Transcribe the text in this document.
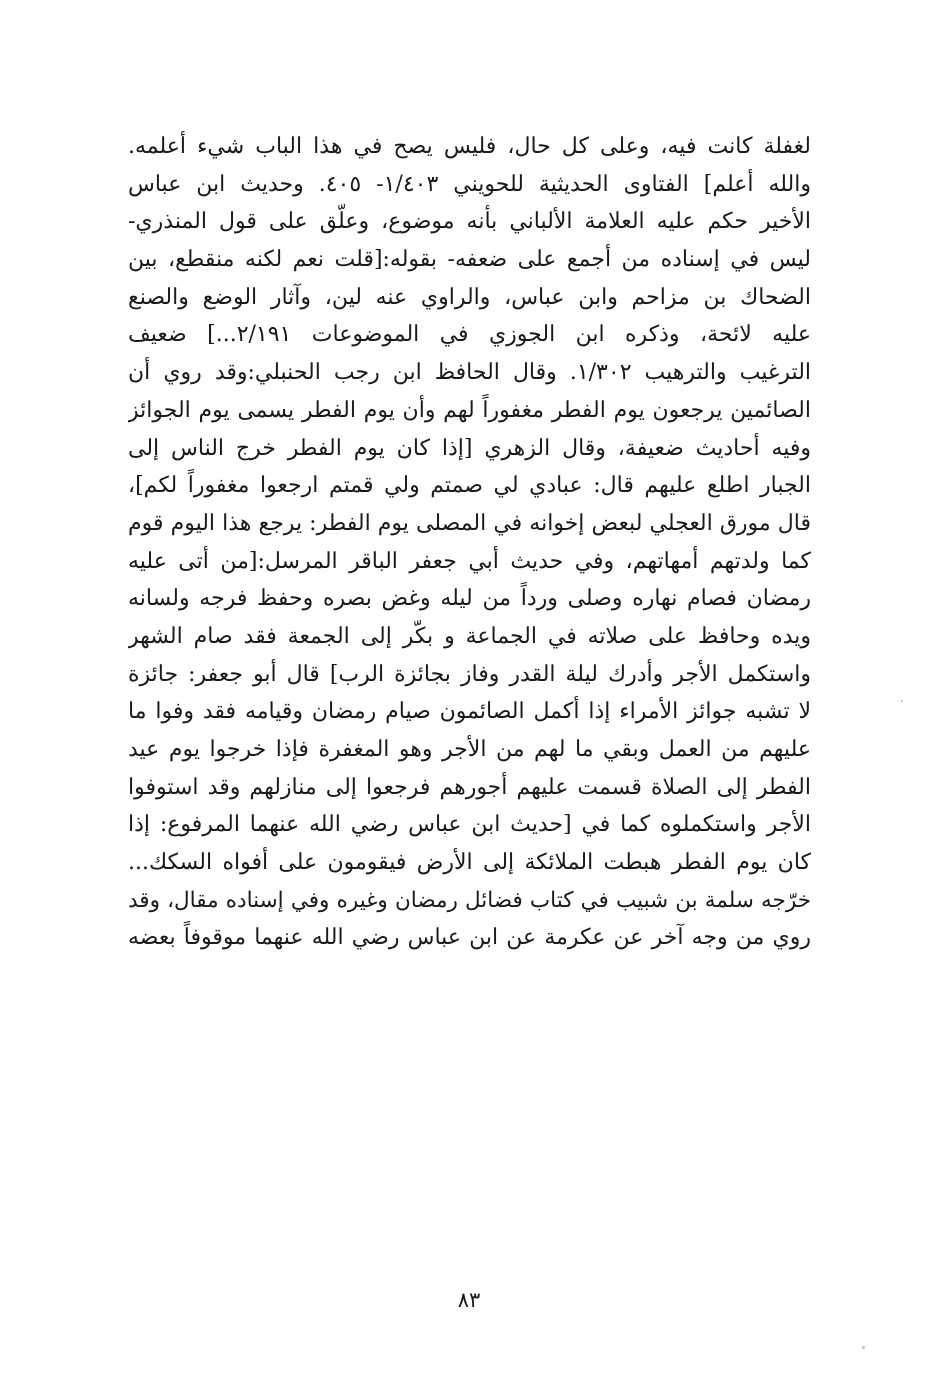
لغفلة كانت فيه، وعلى كل حال، فليس يصح في هذا الباب شيء أعلمه.
والله أعلم] الفتاوى الحديثية للحويني ١/٤٠٣- ٤٠٥. وحديث ابن عباس
الأخير حكم عليه العلامة الألباني بأنه موضوع، وعلّق على قول المنذري-
ليس في إسناده من أجمع على ضعفه- بقوله:[قلت نعم لكنه منقطع، بين
الضحاك بن مزاحم وابن عباس، والراوي عنه لين، وآثار الوضع والصنع
عليه لائحة، وذكره ابن الجوزي في الموضوعات ٢/١٩١...] ضعيف
الترغيب والترهيب ١/٣٠٢. وقال الحافظ ابن رجب الحنبلي:وقد روي أن
الصائمين يرجعون يوم الفطر مغفوراً لهم وأن يوم الفطر يسمى يوم الجوائز
وفيه أحاديث ضعيفة، وقال الزهري [إذا كان يوم الفطر خرج الناس إلى
الجبار اطلع عليهم قال: عبادي لي صمتم ولي قمتم ارجعوا مغفوراً لكم]،
قال مورق العجلي لبعض إخوانه في المصلى يوم الفطر: يرجع هذا اليوم قوم
كما ولدتهم أمهاتهم، وفي حديث أبي جعفر الباقر المرسل:[من أتى عليه
رمضان فصام نهاره وصلى ورداً من ليله وغض بصره وحفظ فرجه ولسانه
ويده وحافظ على صلاته في الجماعة و بكّر إلى الجمعة فقد صام الشهر
واستكمل الأجر وأدرك ليلة القدر وفاز بجائزة الرب] قال أبو جعفر: جائزة
لا تشبه جوائز الأمراء إذا أكمل الصائمون صيام رمضان وقيامه فقد وفوا ما
عليهم من العمل وبقي ما لهم من الأجر وهو المغفرة فإذا خرجوا يوم عيد
الفطر إلى الصلاة قسمت عليهم أجورهم فرجعوا إلى منازلهم وقد استوفوا
الأجر واستكملوه كما في [حديث ابن عباس رضي الله عنهما المرفوع: إذا
كان يوم الفطر هبطت الملائكة إلى الأرض فيقومون على أفواه السكك...
خرّجه سلمة بن شبيب في كتاب فضائل رمضان وغيره وفي إسناده مقال، وقد
روي من وجه آخر عن عكرمة عن ابن عباس رضي الله عنهما موقوفاً بعضه
٨٣
